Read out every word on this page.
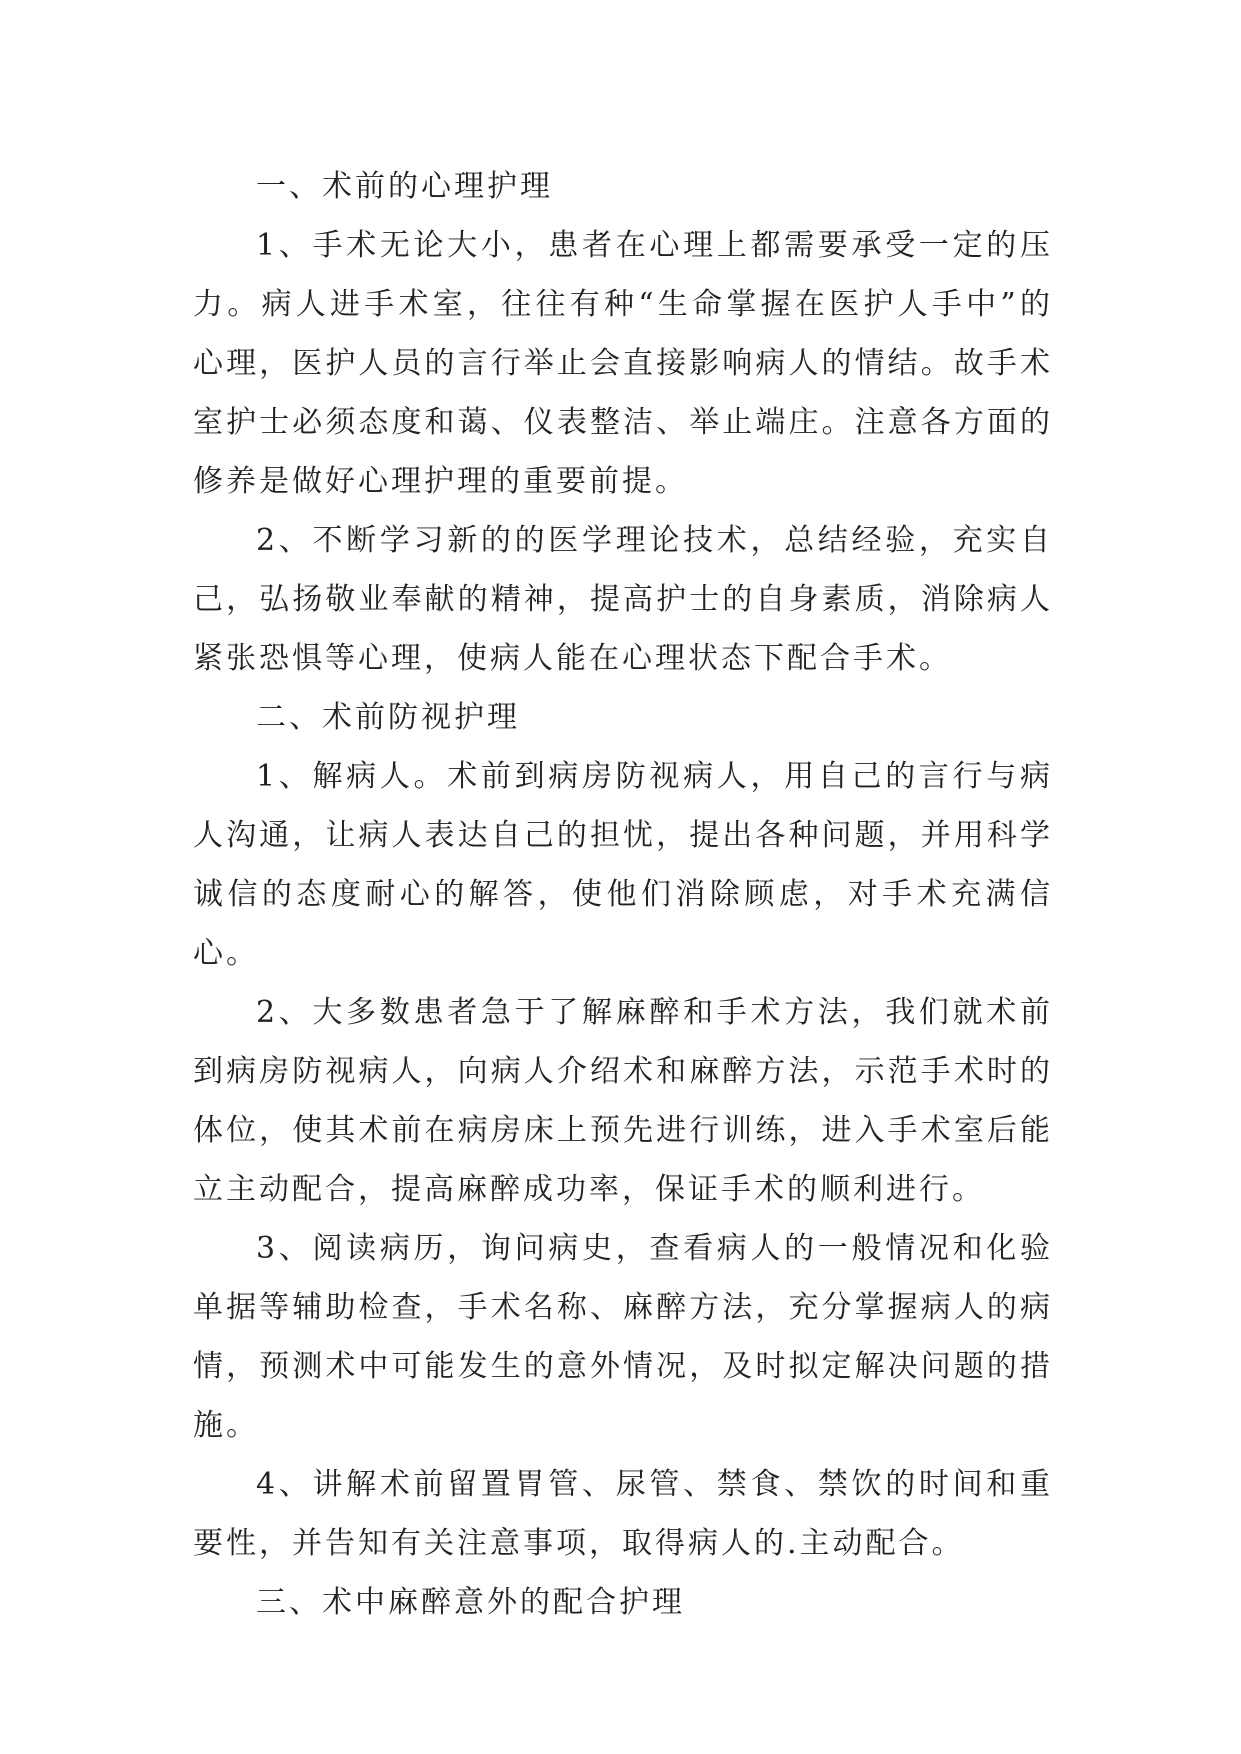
一、术前的心理护理

1、手术无论大小，患者在心理上都需要承受一定的压力。病人进手术室，往往有种“生命掌握在医护人手中”的心理，医护人员的言行举止会直接影响病人的情结。故手术室护士必须态度和蔼、仪表整洁、举止端庄。注意各方面的修养是做好心理护理的重要前提。

2、不断学习新的的医学理论技术，总结经验，充实自己，弘扬敬业奉献的精神，提高护士的自身素质，消除病人紧张恐惧等心理，使病人能在心理状态下配合手术。

二、术前防视护理

1、解病人。术前到病房防视病人，用自己的言行与病人沟通，让病人表达自己的担忧，提出各种问题，并用科学诚信的态度耐心的解答，使他们消除顾虑，对手术充满信心。

2、大多数患者急于了解麻醉和手术方法，我们就术前到病房防视病人，向病人介绍术和麻醉方法，示范手术时的体位，使其术前在病房床上预先进行训练，进入手术室后能立主动配合，提高麻醉成功率，保证手术的顺利进行。

3、阅读病历，询问病史，查看病人的一般情况和化验单据等辅助检查，手术名称、麻醉方法，充分掌握病人的病情，预测术中可能发生的意外情况，及时拟定解决问题的措施。

4、讲解术前留置胃管、尿管、禁食、禁饮的时间和重要性，并告知有关注意事项，取得病人的.主动配合。

三、术中麻醉意外的配合护理
